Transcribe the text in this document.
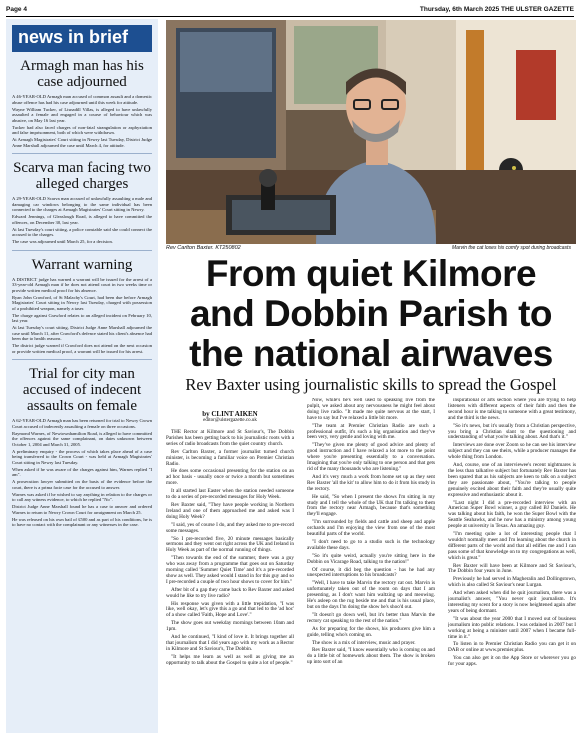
Page 4	Thursday, 6th March 2025 THE ULSTER GAZETTE
news in brief
Armagh man has his case adjourned

A 46-YEAR-OLD Armagh man accused of common assault and a domestic abuse offence has had his case adjourned until this week for attitude.

Wayne William Tucker, of Lisnadill Villas, is alleged to have unlawfully assaulted a female and engaged in a course of behaviour which was abusive, on May 16 last year.

Tucker had also faced charges of non-fatal strangulation or asphyxiation and false imprisonment, both of which were withdrawn.

At Armagh Magistrates' Court sitting in Newry last Tuesday, District Judge Anne Marshall adjourned the case until March 4, for attitude.

Scarva man facing two alleged charges

A 29-YEAR-OLD Scarva man accused of unlawfully assaulting a male and damaging car windows belonging to the same individual has been connected to the charges at Armagh Magistrates' Court sitting in Newry.

Edward Jennings, of Gleaslough Road, is alleged to have committed the offences, on December 30, last year.

At last Tuesday's court sitting, a police constable said she could connect the accused to the charges.

The case was adjourned until March 25, for a decision.

Warrant warning

A DISTRICT judge has warned a warrant will be issued for the arrest of a 33-year-old Armagh man if he does not attend court in two weeks time or provide written medical proof for his absence.

Ryan John Crawford, of St Malachy's Court, had been due before Armagh Magistrates' Court sitting in Newry last Tuesday, charged with possession of a prohibited weapon, namely a taser.

The charge against Crawford relates to an alleged incident on February 10, last year.

At last Tuesday's court sitting, District Judge Anne Marshall adjourned the case until March 11, after Crawford's defence stated his client's absence had been due to health reasons.

The district judge warned if Crawford does not attend on the next occasion or provide written medical proof, a warrant will be issued for his arrest.

Trial for city man accused of indecent assaults on female

A 62-YEAR-OLD Armagh man has been returned for trial to Newry Crown Court accused of indecently assaulting a female on three occasions.

Raymond Warnes, of Newtownhamilton Road, is alleged to have committed the offences against the same complainant, on dates unknown between October 1, 2004 and March 31, 2005.

A preliminary enquiry - the process of which takes place ahead of a case being transferred to the Crown Court - was held at Armagh Magistrates' Court sitting in Newry last Tuesday.

When asked if he was aware of the charges against him, Warnes replied "I am".

A prosecution lawyer submitted on the basis of the evidence before the court, there is a prima facie case for the accused to answer.

Warnes was asked if he wished to say anything in relation to the charges or to call any witness evidence, to which he replied "No".

District Judge Anne Marshall found he has a case to answer and ordered Warnes to return to Newry Crown Court for arraignment on March 25.

He was released on his own bail of £500 and as part of his conditions, he is to have no contact with the complainant or any witnesses in the case.

Rev Carlton Baxter. KT250802	Marvin the cat loses his comfy spot during broadcasts
From quiet Kilmore
and Dobbin Parish to
the national airwaves
Rev Baxter using journalistic skills to spread the Gospel
by CLINT AIKEN
editor@ulstergazette.co.uk

THE Rector at Kilmore and St Saviour's, The Dobbin Parishes has been getting back to his journalistic roots with a series of radio broadcasts from the quiet country church.

Rev Carlton Baxter, a former journalist turned church minister, is becoming a familiar voice on Premier Christian Radio.

He does some occasional presenting for the station on an ad hoc basis - usually once or twice a month but sometimes more.

It all started last Easter when the station needed someone to do a series of pre-recorded messages for Holy Week.

Rev Baxter said, "They have people working in Northern Ireland and one of them approached me and asked was I doing Holy Week?

"I said, yes of course I do, and they asked me to pre-record some messages.

"So I pre-recorded five, 20 minute messages basically sermons and they went out right across the UK and Ireland in Holy Week as part of the normal running of things.

"Then towards the end of the summer, there was a guy who was away from a programme that goes out on Saturday morning called 'Summer Quiet Time' and it's a pre-recorded show as well. They asked would I stand in for this guy and so I pre-recorded a couple of two hour shows to cover for him."

After bit of a gap they came back to Rev Baxter and asked would he like to try live radio?

His response was given with a little trepidation, "I was like, well okay, let's give this a go and that led to the 'ad hoc' of a show called 'Faith, Hope and Love'."

The show goes out weekday mornings between 10am and 1pm.

And he continued, "I kind of love it. It brings together all that journalism that I did years ago with my work as a Rector in Kilmore and St Saviour's, The Dobbin.

"It helps me learn as well as well as giving me an opportunity to talk about the Gospel to quite a lot of people."

Now, while's he's well used to speaking live from the pulpit, we asked about any nervousness he might feel about doing live radio. "It made me quite nervous at the start, I have to say but I've relaxed a little bit more.

"The team at Premier Christian Radio are such a professional outfit, it's such a big organisation and they've been very, very gentle and loving with me.

"They've given me plenty of good advice and plenty of good instruction and I have relaxed a lot more to the point where you're presenting essentially to a conversation. Imagining that you're only talking to one person and that gets rid of the many thousands who are listening."

And it's very much a work from home set up as they sent Rev Baxter 'all the kit' to allow him to do it from his study in the rectory.

He said, "So when I present the shows I'm sitting in my study and I tell the whole of the UK that I'm talking to them from the rectory near Armagh, because that's something they'll engage.

"I'm surrounded by fields and cattle and sheep and apple orchards and I'm enjoying the view from one of the most beautiful parts of the world.

"I don't need to go to a studio such is the technology available these days.

"So it's quite weird, actually you're sitting here in the Dobbin on Vicarage Road, talking to the nation!"

Of course, it did beg the question - has he had any unexpected interruptions to his broadcasts?

"Well, I have to take Marvin the rectory cat out. Marvin is unfortunately taken out of the room on days that I am presenting, as I don't want him waltzing up and meowing. He's asleep on the rug beside me and that is his usual place, but on the days I'm doing the show he's shoo'd out.

"It doesn't go down well, but it's better than Marvin the rectory cat speaking to the rest of the nation."

As for preparing for the shows, his producers give him a guide, telling who's coming on.

The show is a mix of interview, music and prayer.

Rev Baxter said, "I know essentially who is coming on and do a little bit of homework about them. The show is broken up into sort of an

inspirational or arts section where you are trying to help listeners with different aspects of their faith and then the second hour is me talking to someone with a great testimony, and the third is the news.

"So it's news, but it's usually from a Christian perspective, you bring a Christian slant to the questioning and understanding of what you're talking about. And that's it."

Interviews are done over Zoom so he can see his interview subject and they can see theirs, while a producer manages the whole thing from London.

And, course, one of an interviewee's recent nightmares is the less than talkative subject but fortunately Rev Baxter has been spared that as his subjects are keen to talk on a subject they are passionate about, "You're talking to people genuinely excited about their faith and they're usually quite expressive and enthusiastic about it.

"Last night I did a pre-recorded interview with an American Super Bowl winner, a guy called BJ Daniels. He was talking about his faith, he won the Super Bowl with the Seattle Seahawks, and he now has a ministry among young people at university in Texas. An amazing guy.

"I'm meeting quite a lot of interesting people that I wouldn't normally meet and I'm learning about the church in different parts of the world and that all edifies me and I can pass some of that knowledge on to my congregations as well, which is great."

Rev Baxter will have been at Kilmore and St Saviour's, The Dobbin four years in June.

Previously he had served in Magheralin and Dollingstown, which is also called St Saviour's near Lurgan.

And when asked when did he quit journalism, there was a journalist's answer, "You never quit journalism. It's interesting my scent for a story is now heightened again after years of being dormant.

"It was about the year 2000 that I moved out of business journalism into public relations. I was ordained in 2007 but I working at being a minister until 2007 when I became full-time in it."

To listen in to Premier Christian Radio you can get it on DAB or online at www.premier.plus.

You can also get it on the App Store or wherever you go for your apps.
